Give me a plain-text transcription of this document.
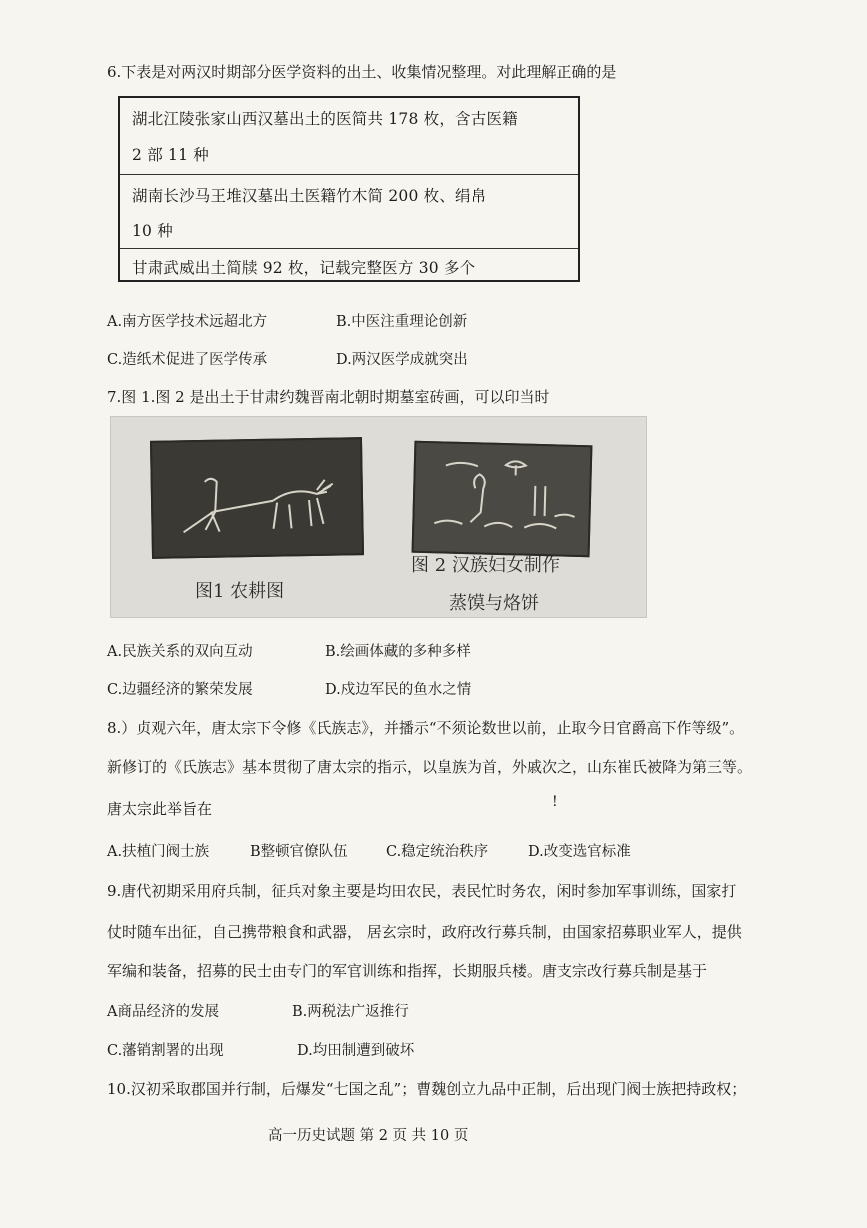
6.下表是对两汉时期部分医学资料的出土、收集情况整理。对此理解正确的是
湖北江陵张家山西汉墓出土的医简共 178 枚，含古医籍
2 部 11 种
湖南长沙马王堆汉墓出土医籍竹木简 200 枚、绢帛
10 种
甘肃武威出土简牍 92 枚，记载完整医方 30 多个
A.南方医学技术远超北方	B.中医注重理论创新
C.造纸术促进了医学传承	D.两汉医学成就突出
7.图 1.图 2 是出土于甘肃约魏晋南北朝时期墓室砖画，可以印当时
图1 农耕图
图 2 汉族妇女制作
蒸馍与烙饼
A.民族关系的双向互动	B.绘画体藏的多种多样
C.边疆经济的繁荣发展	D.戍边军民的鱼水之情
8.）贞观六年，唐太宗下令修《氏族志》，并播示“不须论数世以前，止取今日官爵高下作等级”。
新修订的《氏族志》基本贯彻了唐太宗的指示，以皇族为首，外戚次之，山东崔氏被降为第三等。
唐太宗此举旨在	!
A.扶植门阀士族	B整顿官僚队伍	C.稳定统治秩序	D.改变选官标准
9.唐代初期采用府兵制，征兵对象主要是均田农民，表民忙时务农，闲时参加军事训练，国家打
仗时随车出征，自己携带粮食和武器， 居玄宗时，政府改行募兵制，由国家招募职业军人，提供
军编和装备，招募的民士由专门的军官训练和指挥，长期服兵楼。唐支宗改行募兵制是基于
A商品经济的发展	B.两税法广返推行
C.藩销割署的出现	D.均田制遭到破坏
10.汉初采取郡国并行制，后爆发“七国之乱”；曹魏创立九品中正制，后出现门阀士族把持政权；
高一历史试题 第 2 页 共 10 页
